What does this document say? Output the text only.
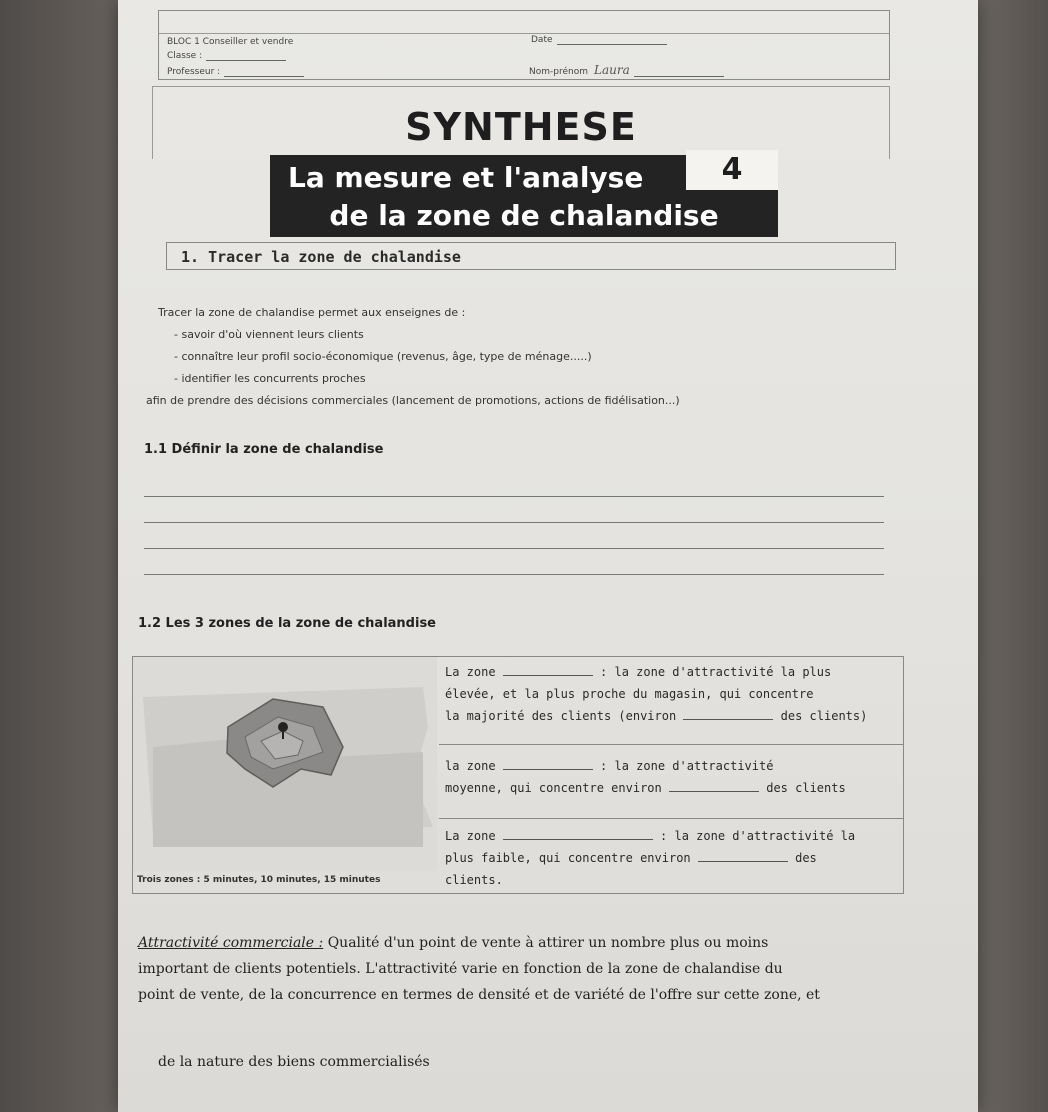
BLOC 1 Conseiller et vendre
Classe :
Professeur :
Date
Nom-prénom Laura
SYNTHESE
La mesure et l'analyse
de la zone de chalandise
4
1. Tracer la zone de chalandise
Tracer la zone de chalandise permet aux enseignes de :
- savoir d'où viennent leurs clients
- connaître leur profil socio-économique (revenus, âge, type de ménage.....)
- identifier les concurrents proches
afin de prendre des décisions commerciales (lancement de promotions, actions de fidélisation...)
1.1 Définir la zone de chalandise
1.2 Les 3 zones de la zone de chalandise
Trois zones : 5 minutes, 10 minutes, 15 minutes
La zone	: la zone d'attractivité la plus
élevée, et la plus proche du magasin, qui concentre
la majorité des clients (environ	des clients)
la zone	: la zone d'attractivité
moyenne, qui concentre environ	des clients
La zone	: la zone d'attractivité la
plus faible, qui concentre environ	des
clients.
Attractivité commerciale : Qualité d'un point de vente à attirer un nombre plus ou moins
important de clients potentiels. L'attractivité varie en fonction de la zone de chalandise du
point de vente, de la concurrence en termes de densité et de variété de l'offre sur cette zone, et
de la nature des biens commercialisés
